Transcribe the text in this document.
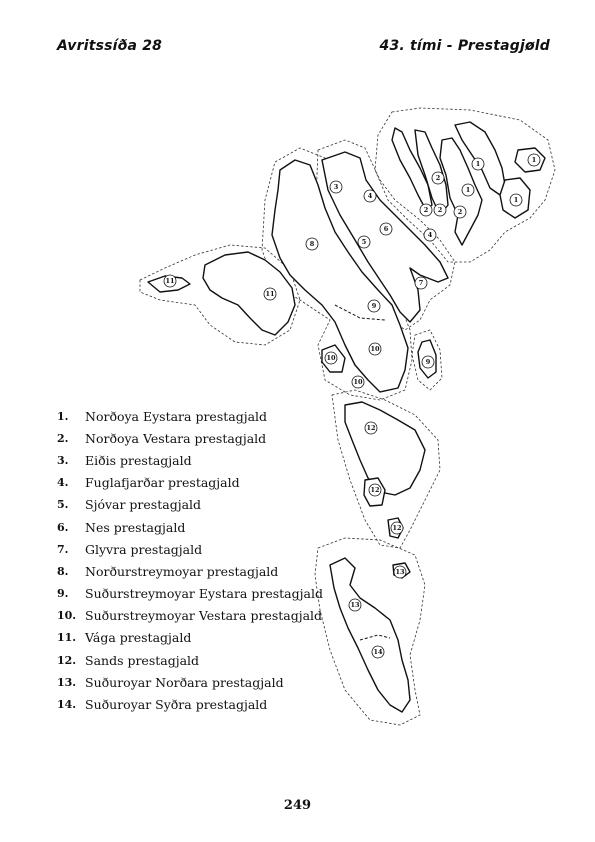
Avritssíða 28	43. tími - Prestagjøld
1	1
1
1
2
2 2 2
3
4
4
5
6
7
8
9
9
10
10
10
11
11
12
12
12
13
13
14
1.	Norðoya Eystara prestagjald
2.	Norðoya Vestara prestagjald
3.	Eiðis prestagjald
4.	Fuglafjarðar prestagjald
5.	Sjóvar prestagjald
6.	Nes prestagjald
7.	Glyvra prestagjald
8.	Norðurstreymoyar prestagjald
9.	Suðurstreymoyar Eystara prestagjald
10. Suðurstreymoyar Vestara prestagjald
11. Vága prestagjald
12. Sands prestagjald
13. Suðuroyar Norðara prestagjald
14. Suðuroyar Syðra prestagjald
249
